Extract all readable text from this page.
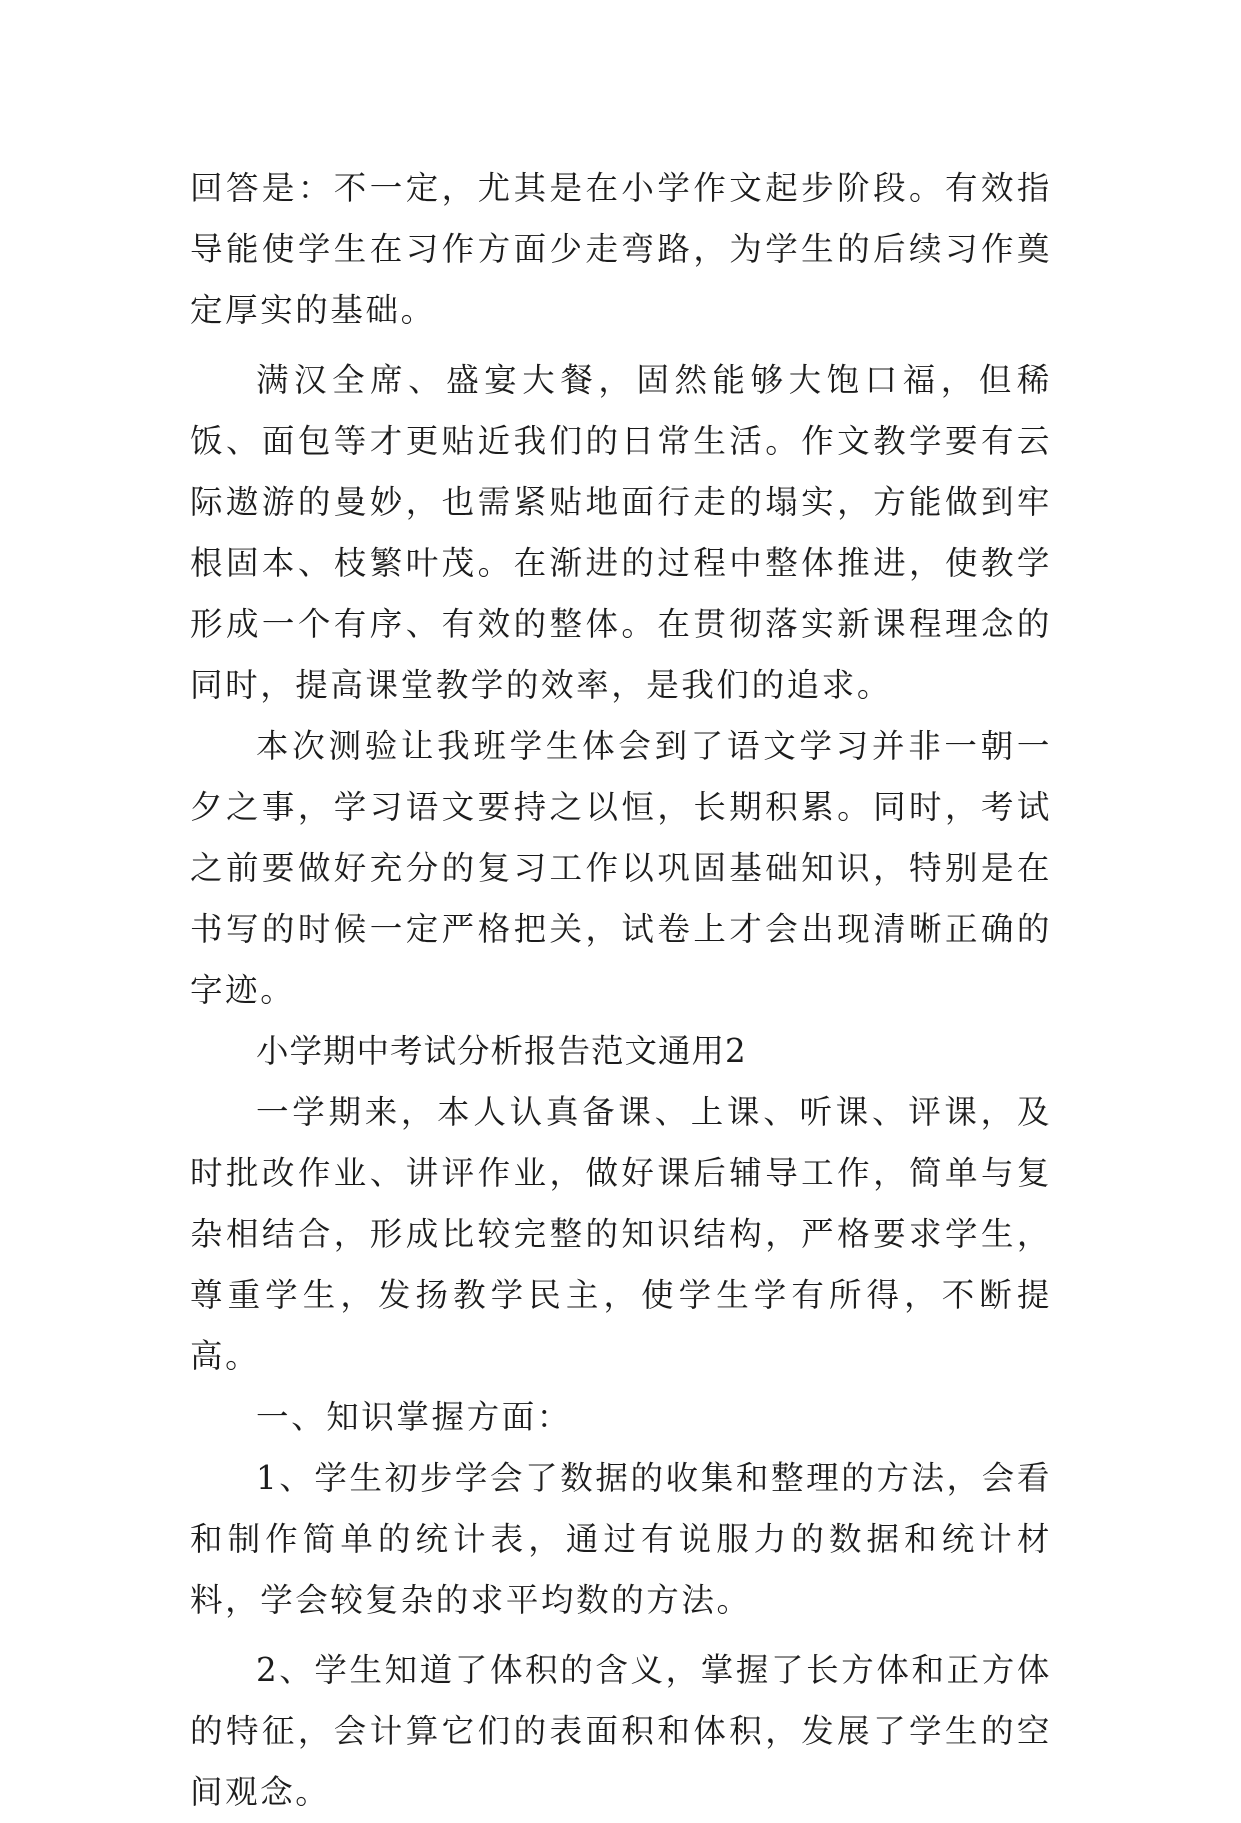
回答是：不一定，尤其是在小学作文起步阶段。有效指导能使学生在习作方面少走弯路，为学生的后续习作奠定厚实的基础。

满汉全席、盛宴大餐，固然能够大饱口福，但稀饭、面包等才更贴近我们的日常生活。作文教学要有云际遨游的曼妙，也需紧贴地面行走的塌实，方能做到牢根固本、枝繁叶茂。在渐进的过程中整体推进，使教学形成一个有序、有效的整体。在贯彻落实新课程理念的同时，提高课堂教学的效率，是我们的追求。

本次测验让我班学生体会到了语文学习并非一朝一夕之事，学习语文要持之以恒，长期积累。同时，考试之前要做好充分的复习工作以巩固基础知识，特别是在书写的时候一定严格把关，试卷上才会出现清晰正确的字迹。

小学期中考试分析报告范文通用2

一学期来，本人认真备课、上课、听课、评课，及时批改作业、讲评作业，做好课后辅导工作，简单与复杂相结合，形成比较完整的知识结构，严格要求学生，尊重学生，发扬教学民主，使学生学有所得，不断提高。

一、知识掌握方面：

1、学生初步学会了数据的收集和整理的方法，会看和制作简单的统计表，通过有说服力的数据和统计材料，学会较复杂的求平均数的方法。

2、学生知道了体积的含义，掌握了长方体和正方体的特征，会计算它们的表面积和体积，发展了学生的空间观念。
